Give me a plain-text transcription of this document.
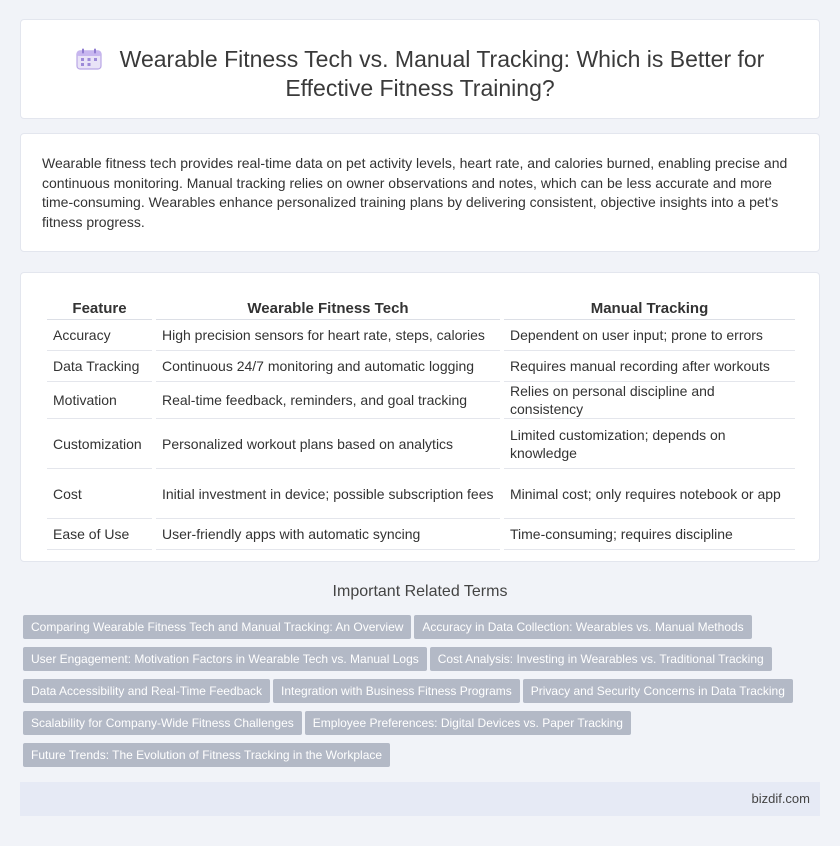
Wearable Fitness Tech vs. Manual Tracking: Which is Better for
Effective Fitness Training?
Wearable fitness tech provides real-time data on pet activity levels, heart rate, and calories burned, enabling precise and continuous monitoring. Manual tracking relies on owner observations and notes, which can be less accurate and more time-consuming. Wearables enhance personalized training plans by delivering consistent, objective insights into a pet's fitness progress.
Feature	Wearable Fitness Tech	Manual Tracking
Accuracy	High precision sensors for heart rate, steps, calories	Dependent on user input; prone to errors
Data Tracking	Continuous 24/7 monitoring and automatic logging	Requires manual recording after workouts
Motivation	Real-time feedback, reminders, and goal tracking	Relies on personal discipline and consistency
Customization	Personalized workout plans based on analytics	Limited customization; depends on knowledge
Cost	Initial investment in device; possible subscription fees	Minimal cost; only requires notebook or app
Ease of Use	User-friendly apps with automatic syncing	Time-consuming; requires discipline
Important Related Terms
Comparing Wearable Fitness Tech and Manual Tracking: An Overview Accuracy in Data Collection: Wearables vs. Manual Methods
User Engagement: Motivation Factors in Wearable Tech vs. Manual Logs Cost Analysis: Investing in Wearables vs. Traditional Tracking
Data Accessibility and Real-Time Feedback Integration with Business Fitness Programs Privacy and Security Concerns in Data Tracking
Scalability for Company-Wide Fitness Challenges Employee Preferences: Digital Devices vs. Paper Tracking
Future Trends: The Evolution of Fitness Tracking in the Workplace
bizdif.com
